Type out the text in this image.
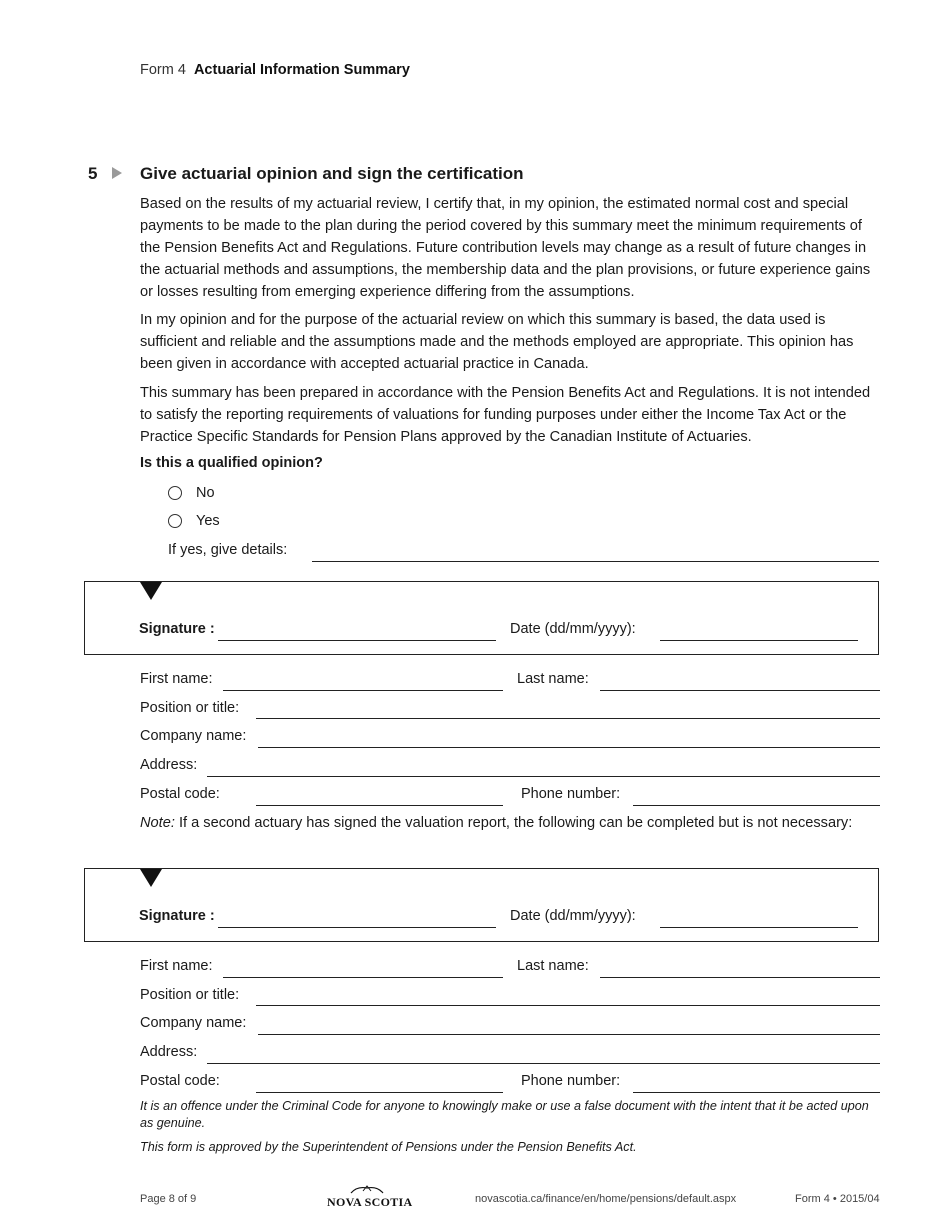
Form 4 Actuarial Information Summary
5	Give actuarial opinion and sign the certification
Based on the results of my actuarial review, I certify that, in my opinion, the estimated normal cost and special payments to be made to the plan during the period covered by this summary meet the minimum requirements of the Pension Benefits Act and Regulations. Future contribution levels may change as a result of future changes in the actuarial methods and assumptions, the membership data and the plan provisions, or future experience gains or losses resulting from emerging experience differing from the assumptions.
In my opinion and for the purpose of the actuarial review on which this summary is based, the data used is sufficient and reliable and the assumptions made and the methods employed are appropriate. This opinion has been given in accordance with accepted actuarial practice in Canada.
This summary has been prepared in accordance with the Pension Benefits Act and Regulations. It is not intended to satisfy the reporting requirements of valuations for funding purposes under either the Income Tax Act or the Practice Specific Standards for Pension Plans approved by the Canadian Institute of Actuaries.
Is this a qualified opinion?
No
Yes
If yes, give details:
Signature :	Date (dd/mm/yyyy):
First name:	Last name:
Position or title:
Company name:
Address:
Postal code:	Phone number:
Note: If a second actuary has signed the valuation report, the following can be completed but is not necessary:
Signature :	Date (dd/mm/yyyy):
First name:	Last name:
Position or title:
Company name:
Address:
Postal code:	Phone number:
It is an offence under the Criminal Code for anyone to knowingly make or use a false document with the intent that it be acted upon as genuine.
This form is approved by the Superintendent of Pensions under the Pension Benefits Act.
Page 8 of 9	NOVA SCOTIA	novascotia.ca/finance/en/home/pensions/default.aspx	Form 4 • 2015/04
